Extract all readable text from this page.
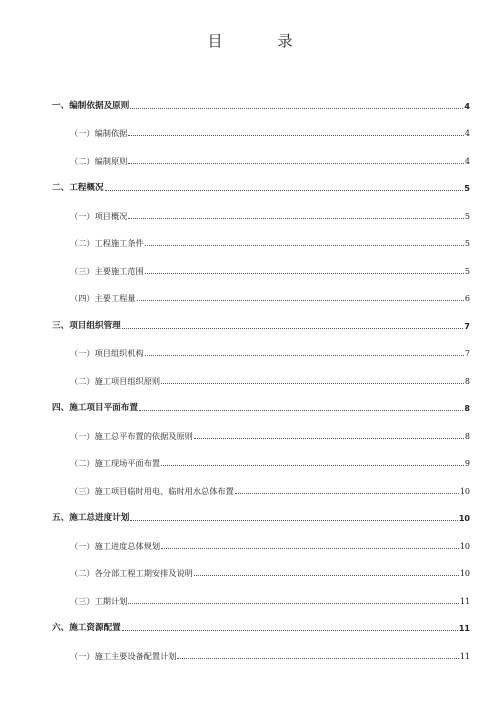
目　录
一、编制依据及原则	4
（一）编制依据	4
（二）编制原则	4
二、工程概况	5
（一）项目概况	5
（二）工程施工条件	5
（三）主要施工范围	5
（四）主要工程量	6
三、项目组织管理	7
（一）项目组织机构	7
（二）施工项目组织原则	8
四、施工项目平面布置	8
（一）施工总平布置的依据及原则	8
（二）施工现场平面布置	9
（三）施工项目临时用电、临时用水总体布置	10
五、施工总进度计划	10
（一）施工进度总体规划	10
（二）各分部工程工期安排及说明	10
（三）工期计划	11
六、施工资源配置	11
（一）施工主要设备配置计划	11
